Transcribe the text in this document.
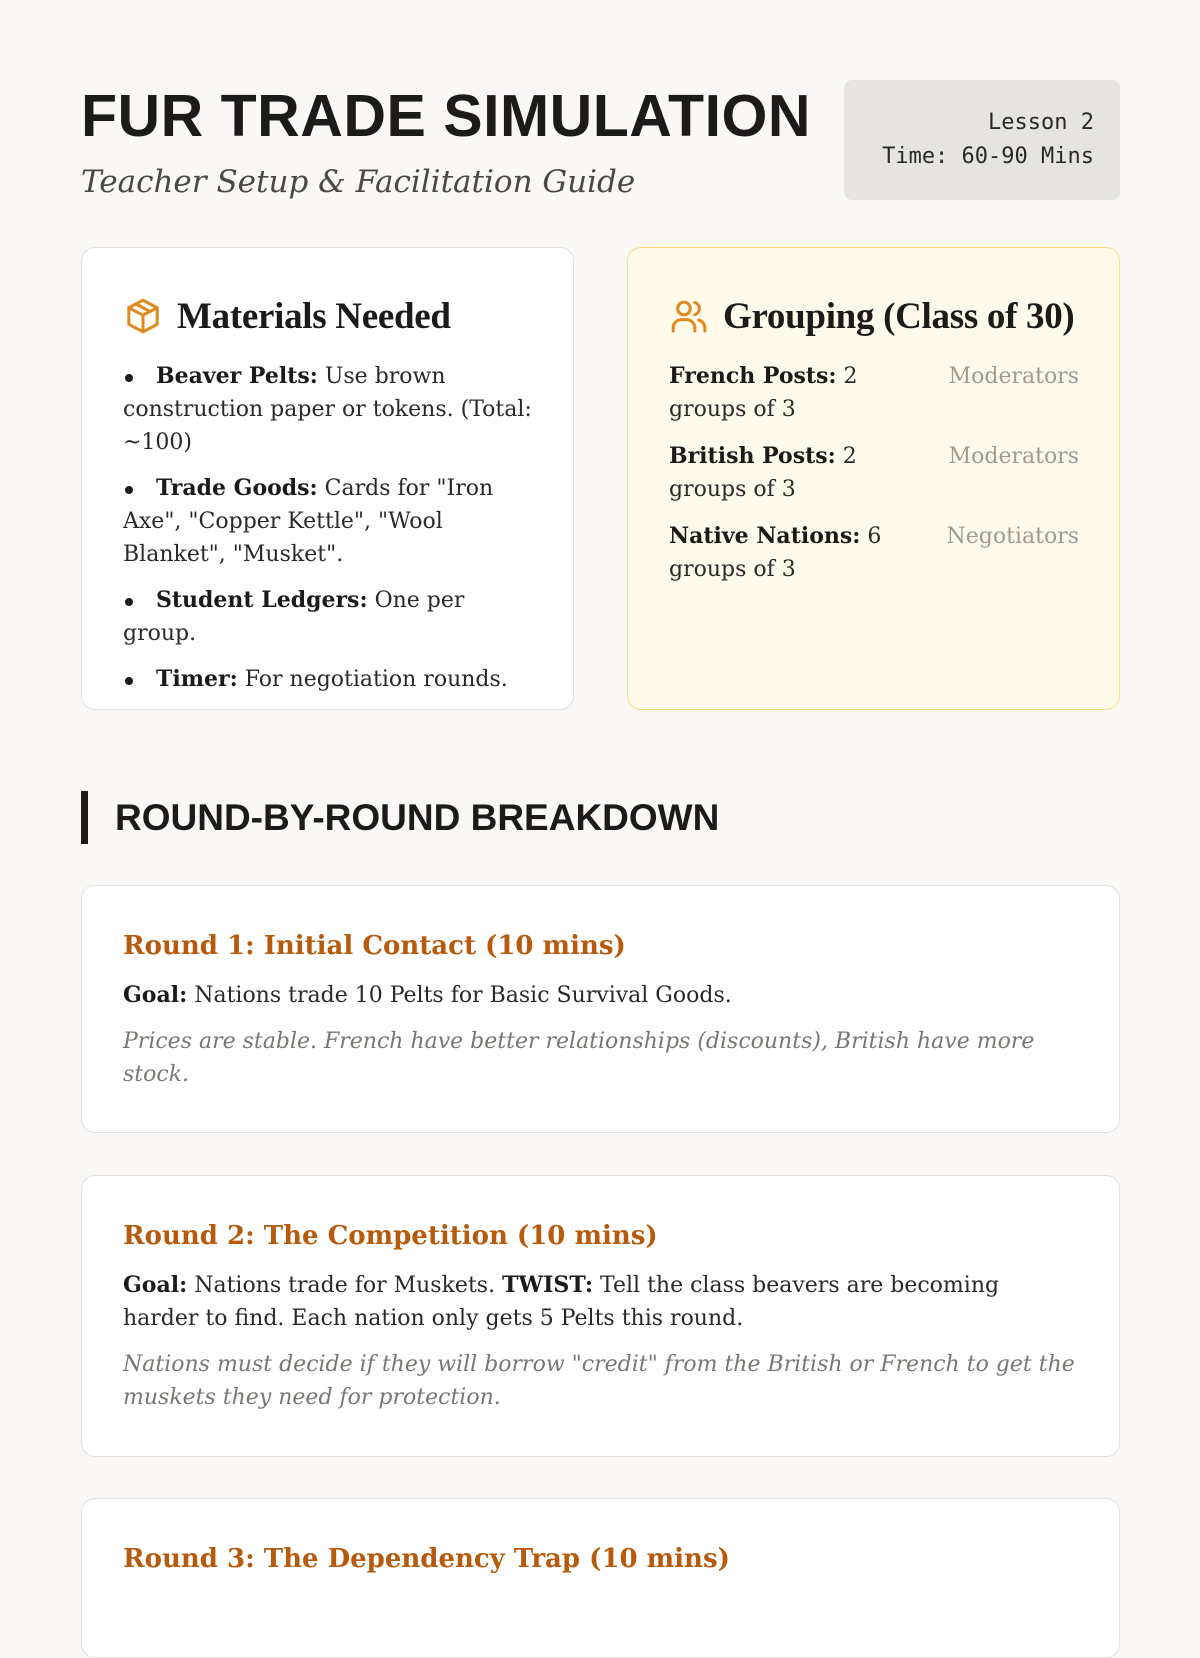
FUR TRADE SIMULATION
Teacher Setup & Facilitation Guide
Lesson 2
Time: 60-90 Mins
Materials Needed
Beaver Pelts: Use brown construction paper or tokens. (Total: ~100)
Trade Goods: Cards for "Iron Axe", "Copper Kettle", "Wool Blanket", "Musket".
Student Ledgers: One per group.
Timer: For negotiation rounds.
Grouping (Class of 30)
French Posts: 2 groups of 3
Moderators
British Posts: 2 groups of 3
Moderators
Native Nations: 6 groups of 3
Negotiators
ROUND-BY-ROUND BREAKDOWN
Round 1: Initial Contact (10 mins)

Goal: Nations trade 10 Pelts for Basic Survival Goods.

Prices are stable. French have better relationships (discounts), British have more stock.

Round 2: The Competition (10 mins)

Goal: Nations trade for Muskets. TWIST: Tell the class beavers are becoming harder to find. Each nation only gets 5 Pelts this round.

Nations must decide if they will borrow "credit" from the British or French to get the muskets they need for protection.

Round 3: The Dependency Trap (10 mins)
